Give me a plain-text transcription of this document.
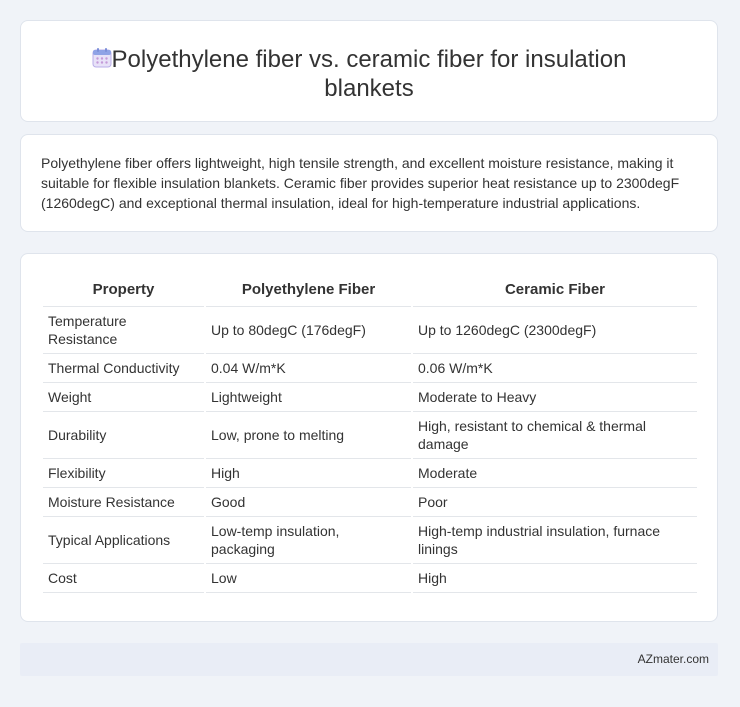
Polyethylene fiber vs. ceramic fiber for insulation blankets

Polyethylene fiber offers lightweight, high tensile strength, and excellent moisture resistance, making it suitable for flexible insulation blankets. Ceramic fiber provides superior heat resistance up to 2300degF (1260degC) and exceptional thermal insulation, ideal for high-temperature industrial applications.

Property	Polyethylene Fiber	Ceramic Fiber
Temperature Resistance	Up to 80degC (176degF)	Up to 1260degC (2300degF)
Thermal Conductivity	0.04 W/m*K	0.06 W/m*K
Weight	Lightweight	Moderate to Heavy
Durability	Low, prone to melting	High, resistant to chemical & thermal damage
Flexibility	High	Moderate
Moisture Resistance	Good	Poor
Typical Applications	Low-temp insulation, packaging	High-temp industrial insulation, furnace linings
Cost	Low	High
AZmater.com
